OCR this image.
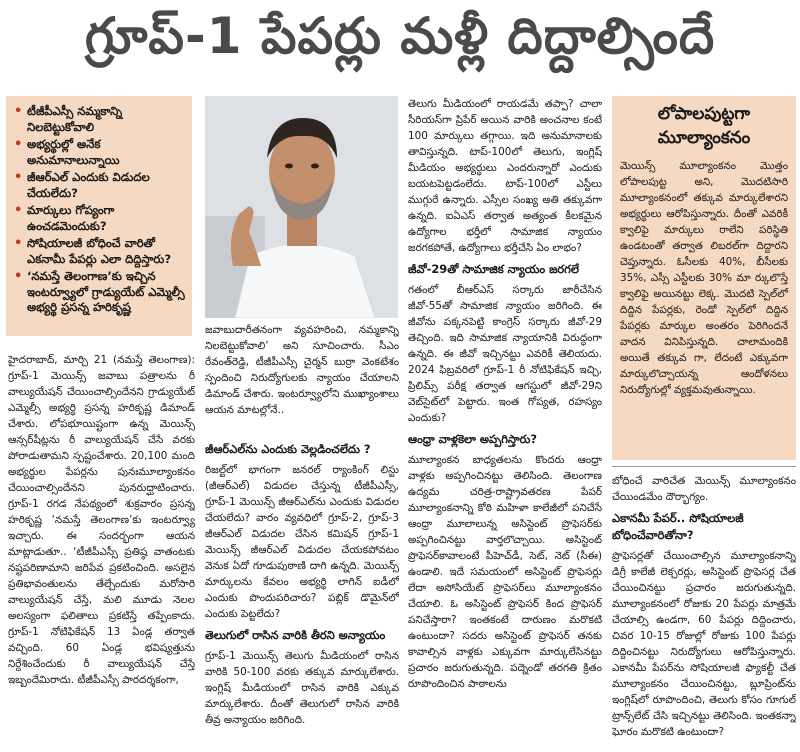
గ్రూప్-1 పేపర్లు మళ్లీ దిద్దాల్సిందే
• టీజీపీఎస్సీ నమ్మకాన్ని నిలబెట్టుకోవాలి
• అభ్యర్థుల్లో అనేక అనుమానాలున్నాయి
• జీఆర్‌ఎల్ ఎందుకు విడుదల చేయలేదు?
• మార్కులు గోప్యంగా ఉంచడమెందుకు?
• సోషియాలజీ బోధించే వారితో ఎకనామీ పేపర్లు ఎలా దిద్దిస్తారు?
• ‘నమస్తే తెలంగాణ’కు ఇచ్చిన ఇంటర్వ్యూలో గ్రాడ్యుయేట్ ఎమ్మెల్సీ అభ్యర్థి ప్రసన్న హరికృష్ణ

హైదరాబాద్, మార్చి 21 (నమస్తే తెలంగాణ): గ్రూప్-1 మెయిన్స్ జవాబు పత్రాలను రీ వాల్యుయేషన్ చేయించాల్సిందేనని గ్రాడ్యుయేట్ ఎమ్మెల్సీ అభ్యర్థి ప్రసన్న హరికృష్ణ డిమాండ్ చేశారు. లోపభూయిష్టంగా ఉన్న మెయిన్స్ ఆన్సర్‌షీట్లను రీ వాల్యుయేషన్ చేసే వరకు పోరాడుతామని స్పష్టంచేశారు. 20,100 మంది అభ్యర్థుల పేపర్లను పునఃమూల్యాంకనం చేయించాల్సిందేనని పునరుద్ఘాటించారు. గ్రూప్-1 రగడ నేపథ్యంలో శుక్రవారం ప్రసన్న హరికృష్ణ ‘నమస్తే తెలంగాణ’కు ఇంటర్వ్యూ ఇచ్చారు. ఈ సందర్భంగా ఆయన మాట్లాడుతూ.. ‘టీజీపీఎస్సీ ప్రతిష్ఠ వాతంటకు నష్టపరిణామాని జరిపేవ ప్రకటించింది. అసలైన ప్రతిభావంతులను తేల్చేందుకు మరోసారి వాల్యుయేషన్ చేస్తే, మలి మూడు నెలల అలస్యంగా ఫలితాలు ప్రకటిస్తే తప్పేంకాదు. గ్రూప్-1 నోటిఫికేషన్ 13 ఏండ్ల తర్వాత వచ్చింది. 60 ఏండ్ల భవిష్యత్తును నిర్దేశించేందుకు రీ వాల్యుయేషన్ చేస్తే ఇబ్బందేమిరాదు. టీజీపీఎస్సీ పారదర్శకంగా,

జవాబుదారీతనంగా వ్యవహరించి, నమ్మకాన్ని నిలబెట్టుకోవాలి’ అని సూచించారు. సీఎం రేవంత్‌రెడ్డి, టీజీపీఎస్సీ చైర్మన్ బుర్రా వెంకటేశం స్పందించి నిరుద్యోగులకు న్యాయం చేయాలని డిమాండ్ చేశారు. ఇంటర్వ్యూలోని ముఖ్యాంశాలు ఆయన మాటల్లోనే..

జీఆర్ఎల్‌ను ఎందుకు వెల్లడించలేదు ?

రిజల్ట్‌లో భాగంగా జనరల్ ర్యాంకింగ్ లిస్టు (జీఆర్‌ఎల్) విడుదల చేస్తున్న టీజీపీఎస్సీ, గ్రూప్-1 మెయిన్స్ జీఆర్‌ఎల్‌ను ఎందుకు విడుదల చేయలేదు? వారం వ్యవధిలో గ్రూప్-2, గ్రూప్-3 జీఆర్‌ఎల్ విడుదల చేసిన కమిషన్ గ్రూప్-1 మెయిన్స్ జీఆర్‌ఎల్ విడుదల చేయకపోవటం వెనుక ఏదో గూడుపుఠాణి దాగి ఉన్నది. మెయిన్స్ మార్కులను కేవలం అభ్యర్థి లాగిన్ ఐడీలో ఎందుకు పొందుపరిచారు? పబ్లిక్ డొమైన్‌లో ఎందుకు పెట్టలేదు?

తెలుగులో రాసిన వారికి తీరని అన్యాయం

గ్రూప్-1 మెయిన్స్ తెలుగు మీడియంలో రాసిన వారికి 50-100 వరకు తక్కువ మార్కులేశారు. ఇంగ్లిష్ మీడియంలో రాసిన వారికి ఎక్కువ మార్కులేశారు. దీంతో తెలుగులో రాసిన వారికి తీవ్ర అన్యాయం జరిగింది.

తెలుగు మీడియంలో రాయడమే తప్పా? చాలా సీరియస్‌గా ప్రిపేర్ అయిన వారికి అంచనాల కంటే 100 మార్కులు తగ్గాయి. ఇది అనుమానాలకు తావిస్తున్నది. టాప్-100లో తెలుగు, ఇంగ్లిష్ మీడియం అభ్యర్థులు ఎందరున్నారో ఎందుకు బయటపెట్టడంలేదు. టాప్-100లో ఎస్టీలు ముగ్గురే ఉన్నారు. ఎస్సీల సంఖ్య అతి తక్కువగా ఉన్నది. ఐఏఎస్ తర్వాత అత్యంత కీలకమైన ఉద్యోగాల భర్తీలో సామాజిక న్యాయం జరగకపోతే, ఉద్యోగాలు భర్తీచేసి ఏం లాభం?

జీవో-29తో సామాజిక న్యాయం జరగలే

గతంలో బీఆర్ఎస్ సర్కారు జారీచేసిన జీవో-55తో సామాజిక న్యాయం జరిగింది. ఈ జీవోను పక్కనపెట్టి కాంగ్రెస్ సర్కారు జీవో-29 తెచ్చింది. ఇది సామాజిక న్యాయానికి విరుద్ధంగా ఉన్నది. ఈ జీవో ఇచ్చినట్టు ఎవరికీ తెలియదు. 2024 ఫిబ్రవరిలో గ్రూప్-1 రీ నోటిఫికేషన్ ఇచ్చి, ప్రిలిమ్స్ పరీక్ష తర్వాత ఆగస్టులో జీవో-29ని వెబ్‌సైట్‌లో పెట్టారు. ఇంత గోప్యత, రహస్యం ఎందుకు?

ఆంధ్రా వాళ్లకెలా అప్పగిస్తారు?

మూల్యాంకన బాధ్యతలను కొందరు ఆంధ్రా వాళ్లకు అప్పగించినట్టు తెలిసింది. తెలంగాణ ఉద్యమ చరిత్ర-రాష్ట్రావతరణ పేపర్ మూల్యాంకనాన్ని కోఠి మహిళా కాలేజీలో పనిచేసే ఆంధ్రా మూలాలున్న అసిస్టెంట్ ప్రొఫెసర్‌కు అప్పగించినట్టు వార్తలొచ్చాయి. అసిస్టెంట్ ప్రొఫెసర్‌కావాలంటే పీహెచ్‌డీ, సెట్, నెట్ (సీఈ) ఉండాలి. ఇదే సమయంలో అసిస్టెంట్ ప్రొఫెసర్లు లేదా అసోసియేట్ ప్రొఫెసర్‌లు మూల్యాంకనం చేయాలి. ఓ అసిస్టెంట్ ప్రొఫెసర్ కింద ప్రొఫెసర్ పనిచేస్తారా? ఇంతకంటే దారుణం మరొకటి ఉంటుందా? సదరు అసిస్టెంట్ ప్రొఫెసర్ తనకు కావాల్సిన వాళ్లకు ఎక్కువగా మార్కులేసినట్టు ప్రచారం జరుగుతున్నది. పద్నెండో తరగతి క్రితం రూపొందించిన పాఠాలను

లోపాలపుట్టగా మూల్యాంకనం

మెయిన్స్ మూల్యాంకనం మొత్తం లోపాలపుట్ట అని, మొదటిసారి మూల్యాంకనంలో తక్కువ మార్కులేశారని అభ్యర్థులు ఆరోపిస్తున్నారు. దీంతో ఎవరికీ క్వాలిఫై మార్కులు రాలేని పరిస్థితి ఉండటంతో తర్వాత లిబరల్‌గా దిద్దారని చెప్తున్నారు. ఓసీలకు 40%, బీసీలకు 35%, ఎస్సీ ఎస్టీలకు 30% మా ర్కులొస్తే క్వాలిఫై అయినట్టు లెక్క. మొదటి స్పెల్‌లో దిద్దిన పేపర్లకు, రెండో స్పెల్‌లో దిద్దిన పేపర్లకు మార్కుల అంతరం పెరిగిందనే వాదన వినిపిస్తున్నది. చాలామందికి అయితే తక్కువ గా, లేదంటే ఎక్కువగా మార్కులొచ్చాయన్న ఆందోళనలు నిరుద్యోగుల్లో వ్యక్తమవుతున్నాయి.

బోధించే వారిచేత మెయిన్స్ మూల్యాంకనం చేయిండమేం దౌర్భాగ్యం.

ఎకానమీ పేపర్.. సోషియాలజీ బోధించేవారితోనా?

ప్రొఫెసర్లతో చేయించాల్సిన మూల్యాంకనాన్ని డిగ్రీ కాలేజీ లెక్చరర్లు, అసిస్టెంట్ ప్రొఫెసర్ల చేత చేయించినట్టు ప్రచారం జరుగుతున్నది. మూల్యాంకనంలో రోజుకు 20 పేపర్లు మాత్రమే చేయాల్సి ఉండగా, 60 పేపర్లు దిద్దించారు, చివర 10-15 రోజుల్లో రోజుకు 100 పేపర్లు దిద్దించినట్టు నిరుద్యోగులు ఆరోపిస్తున్నారు. ఎకానమీ పేపర్‌ను సోషియాలజీ ఫ్యాకల్టీ చేత మూల్యాంకనం చేయించినట్టు, బ్లూప్రింట్‌ను ఇంగ్లిష్‌లో రూపొందించి, తెలుగు కోసం గూగుల్ ట్రాన్స్‌లేట్ చేసి ఇచ్చినట్టు తెలిసింది. ఇంతకన్నా ఘోరం మరొకటి ఉంటుందా?
